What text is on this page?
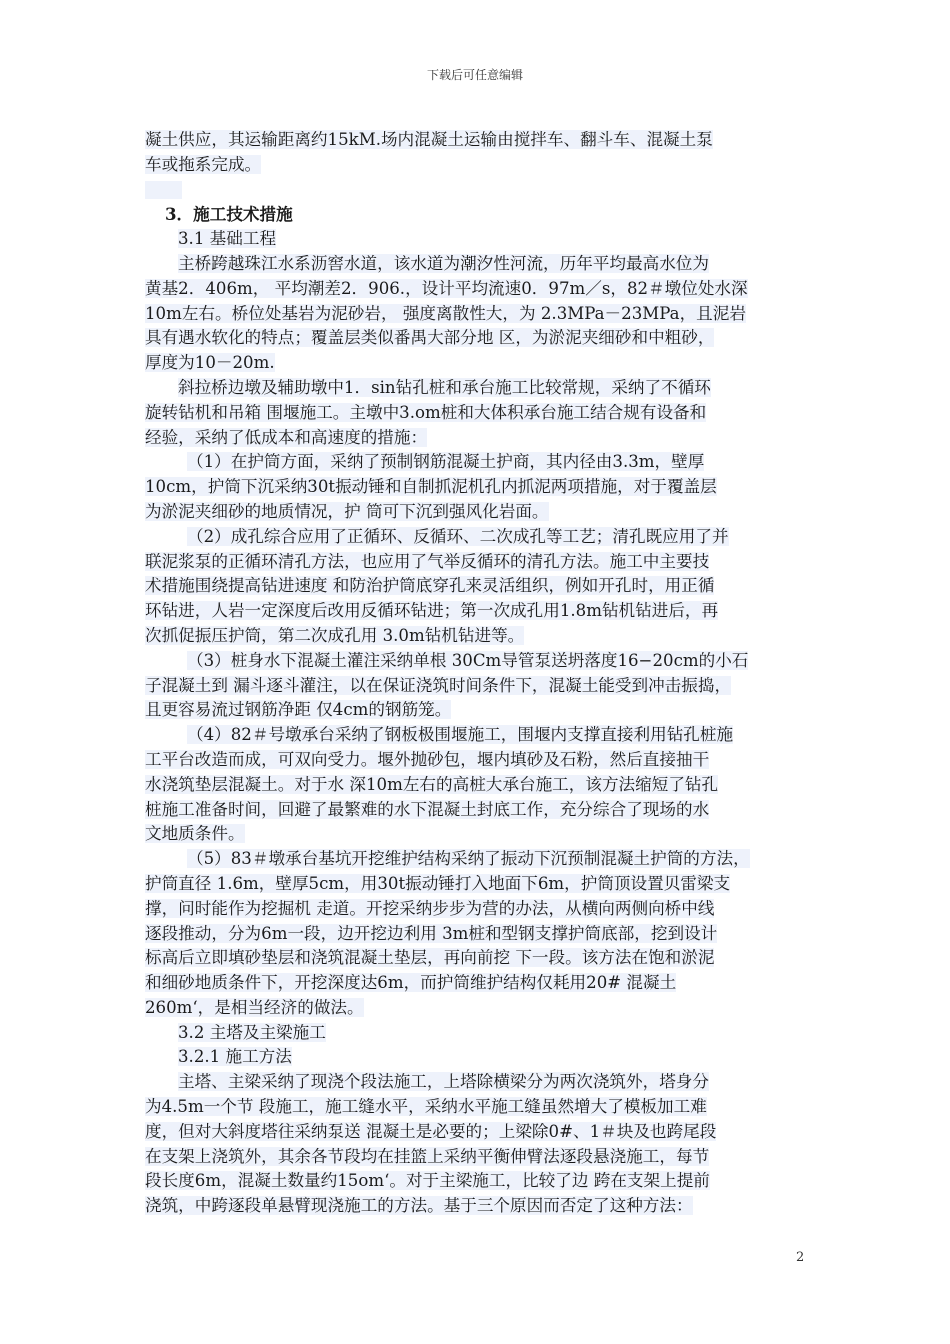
下载后可任意编辑
凝土供应，其运输距离约15kM.场内混凝土运输由搅拌车、翻斗车、混凝土泵
车或拖系完成。
3．施工技术措施
3.1 基础工程
主桥跨越珠江水系沥窖水道，该水道为潮汐性河流，历年平均最高水位为
黄基2．406m， 平均潮差2．906.，设计平均流速0．97m／s，82＃墩位处水深
10m左右。桥位处基岩为泥砂岩， 强度离散性大，为 2.3MPa－23MPa，且泥岩
具有遇水软化的特点；覆盖层类似番禺大部分地 区，为淤泥夹细砂和中粗砂，
厚度为10－20m.
斜拉桥边墩及辅助墩中1．sin钻孔桩和承台施工比较常规，采纳了不循环
旋转钻机和吊箱 围堰施工。主墩中3.om桩和大体积承台施工结合规有设备和
经验，采纳了低成本和高速度的措施：
（1）在护筒方面，采纳了预制钢筋混凝土护商，其内径由3.3m，壁厚
10cm，护筒下沉采纳30t振动锤和自制抓泥机孔内抓泥两项措施，对于覆盖层
为淤泥夹细砂的地质情况，护 筒可下沉到强风化岩面。
（2）成孔综合应用了正循环、反循环、二次成孔等工艺；清孔既应用了并
联泥浆泵的正循环清孔方法，也应用了气举反循环的清孔方法。施工中主要技
术措施围绕提高钻进速度 和防治护筒底穿孔来灵活组织，例如开孔时，用正循
环钻进，人岩一定深度后改用反循环钻进；第一次成孔用1.8m钻机钻进后，再
次抓促振压护筒，第二次成孔用 3.0m钻机钻进等。
（3）桩身水下混凝土灌注采纳单根 30Cm导管泵送坍落度16−20cm的小石
子混凝土到 漏斗逐斗灌注，以在保证浇筑时间条件下，混凝土能受到冲击振捣，
且更容易流过钢筋净距 仅4cm的钢筋笼。
（4）82＃号墩承台采纳了钢板极围堰施工，围堰内支撑直接利用钻孔桩施
工平台改造而成，可双向受力。堰外抛砂包，堰内填砂及石粉，然后直接抽干
水浇筑垫层混凝土。对于水 深10m左右的高桩大承台施工，该方法缩短了钻孔
桩施工准备时间，回避了最繁难的水下混凝土封底工作，充分综合了现场的水
文地质条件。
（5）83＃墩承台基坑开挖维护结构采纳了振动下沉预制混凝土护筒的方法，
护筒直径 1.6m，壁厚5cm，用30t振动锤打入地面下6m，护筒顶设置贝雷梁支
撑，问时能作为挖掘机 走道。开挖采纳步步为营的办法，从横向两侧向桥中线
逐段推动，分为6m一段，边开挖边利用 3m桩和型钢支撑护筒底部，挖到设计
标高后立即填砂垫层和浇筑混凝土垫层，再向前挖 下一段。该方法在饱和淤泥
和细砂地质条件下，开挖深度达6m，而护筒维护结构仅耗用20# 混凝土
260m‘，是相当经济的做法。
3.2 主塔及主梁施工
3.2.1 施工方法
主塔、主梁采纳了现浇个段法施工，上塔除横梁分为两次浇筑外，塔身分
为4.5m一个节 段施工，施工缝水平，采纳水平施工缝虽然增大了模板加工难
度，但对大斜度塔往采纳泵送 混凝土是必要的；上梁除0#、1＃块及也跨尾段
在支架上浇筑外，其余各节段均在挂篮上采纳平衡伸臂法逐段悬浇施工，每节
段长度6m，混凝土数量约15om‘。对于主梁施工，比较了边 跨在支架上提前
浇筑，中跨逐段单悬臂现浇施工的方法。基于三个原因而否定了这种方法：
2
